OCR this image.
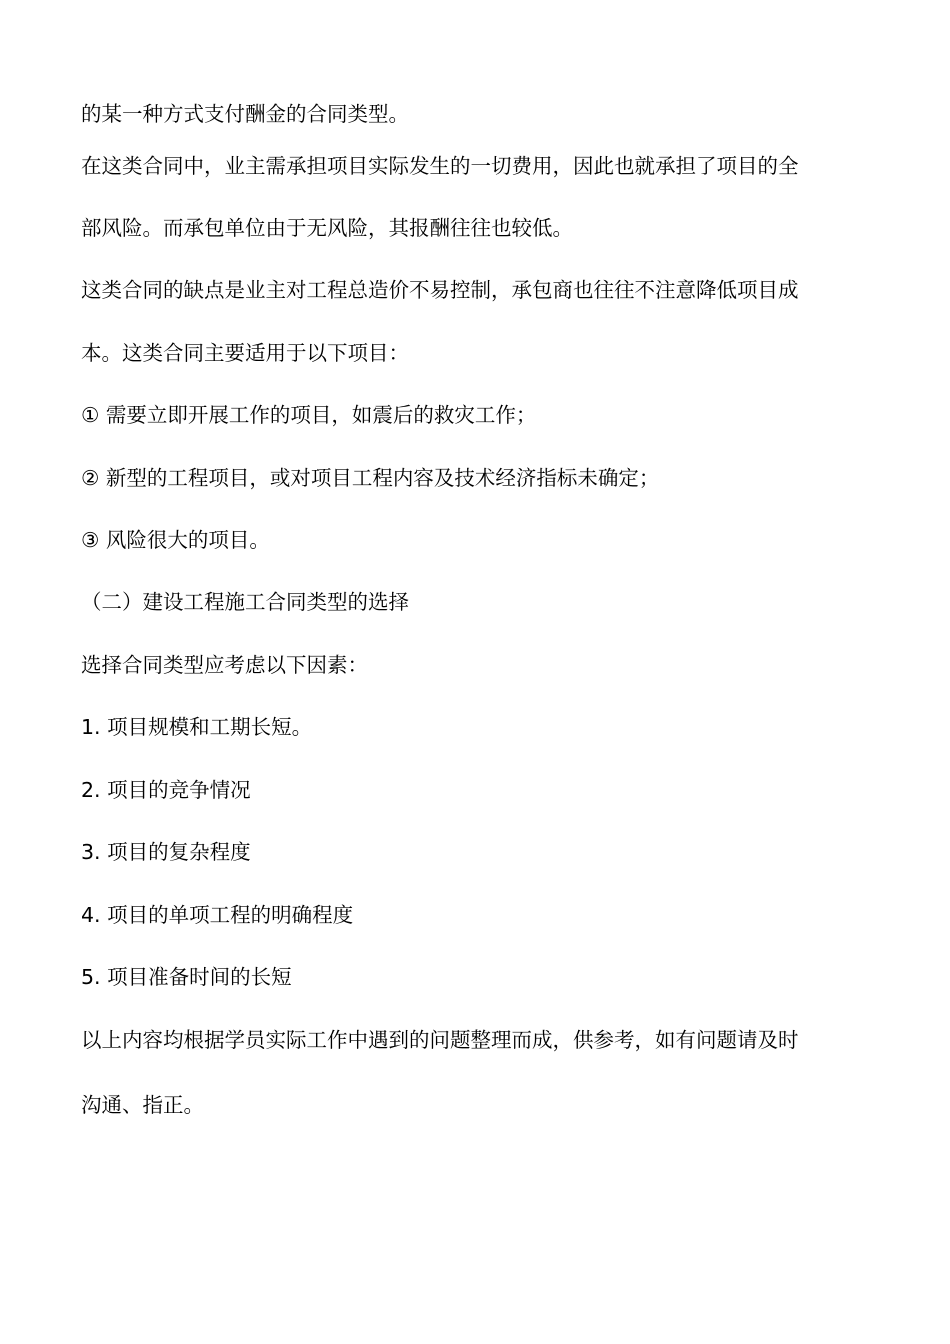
的某一种方式支付酬金的合同类型。
在这类合同中，业主需承担项目实际发生的一切费用，因此也就承担了项目的全
部风险。而承包单位由于无风险，其报酬往往也较低。
这类合同的缺点是业主对工程总造价不易控制，承包商也往往不注意降低项目成
本。这类合同主要适用于以下项目：
① 需要立即开展工作的项目，如震后的救灾工作；
② 新型的工程项目，或对项目工程内容及技术经济指标未确定；
③ 风险很大的项目。
（二）建设工程施工合同类型的选择
选择合同类型应考虑以下因素：
1. 项目规模和工期长短。
2. 项目的竞争情况
3. 项目的复杂程度
4. 项目的单项工程的明确程度
5. 项目准备时间的长短
以上内容均根据学员实际工作中遇到的问题整理而成，供参考，如有问题请及时
沟通、指正。
